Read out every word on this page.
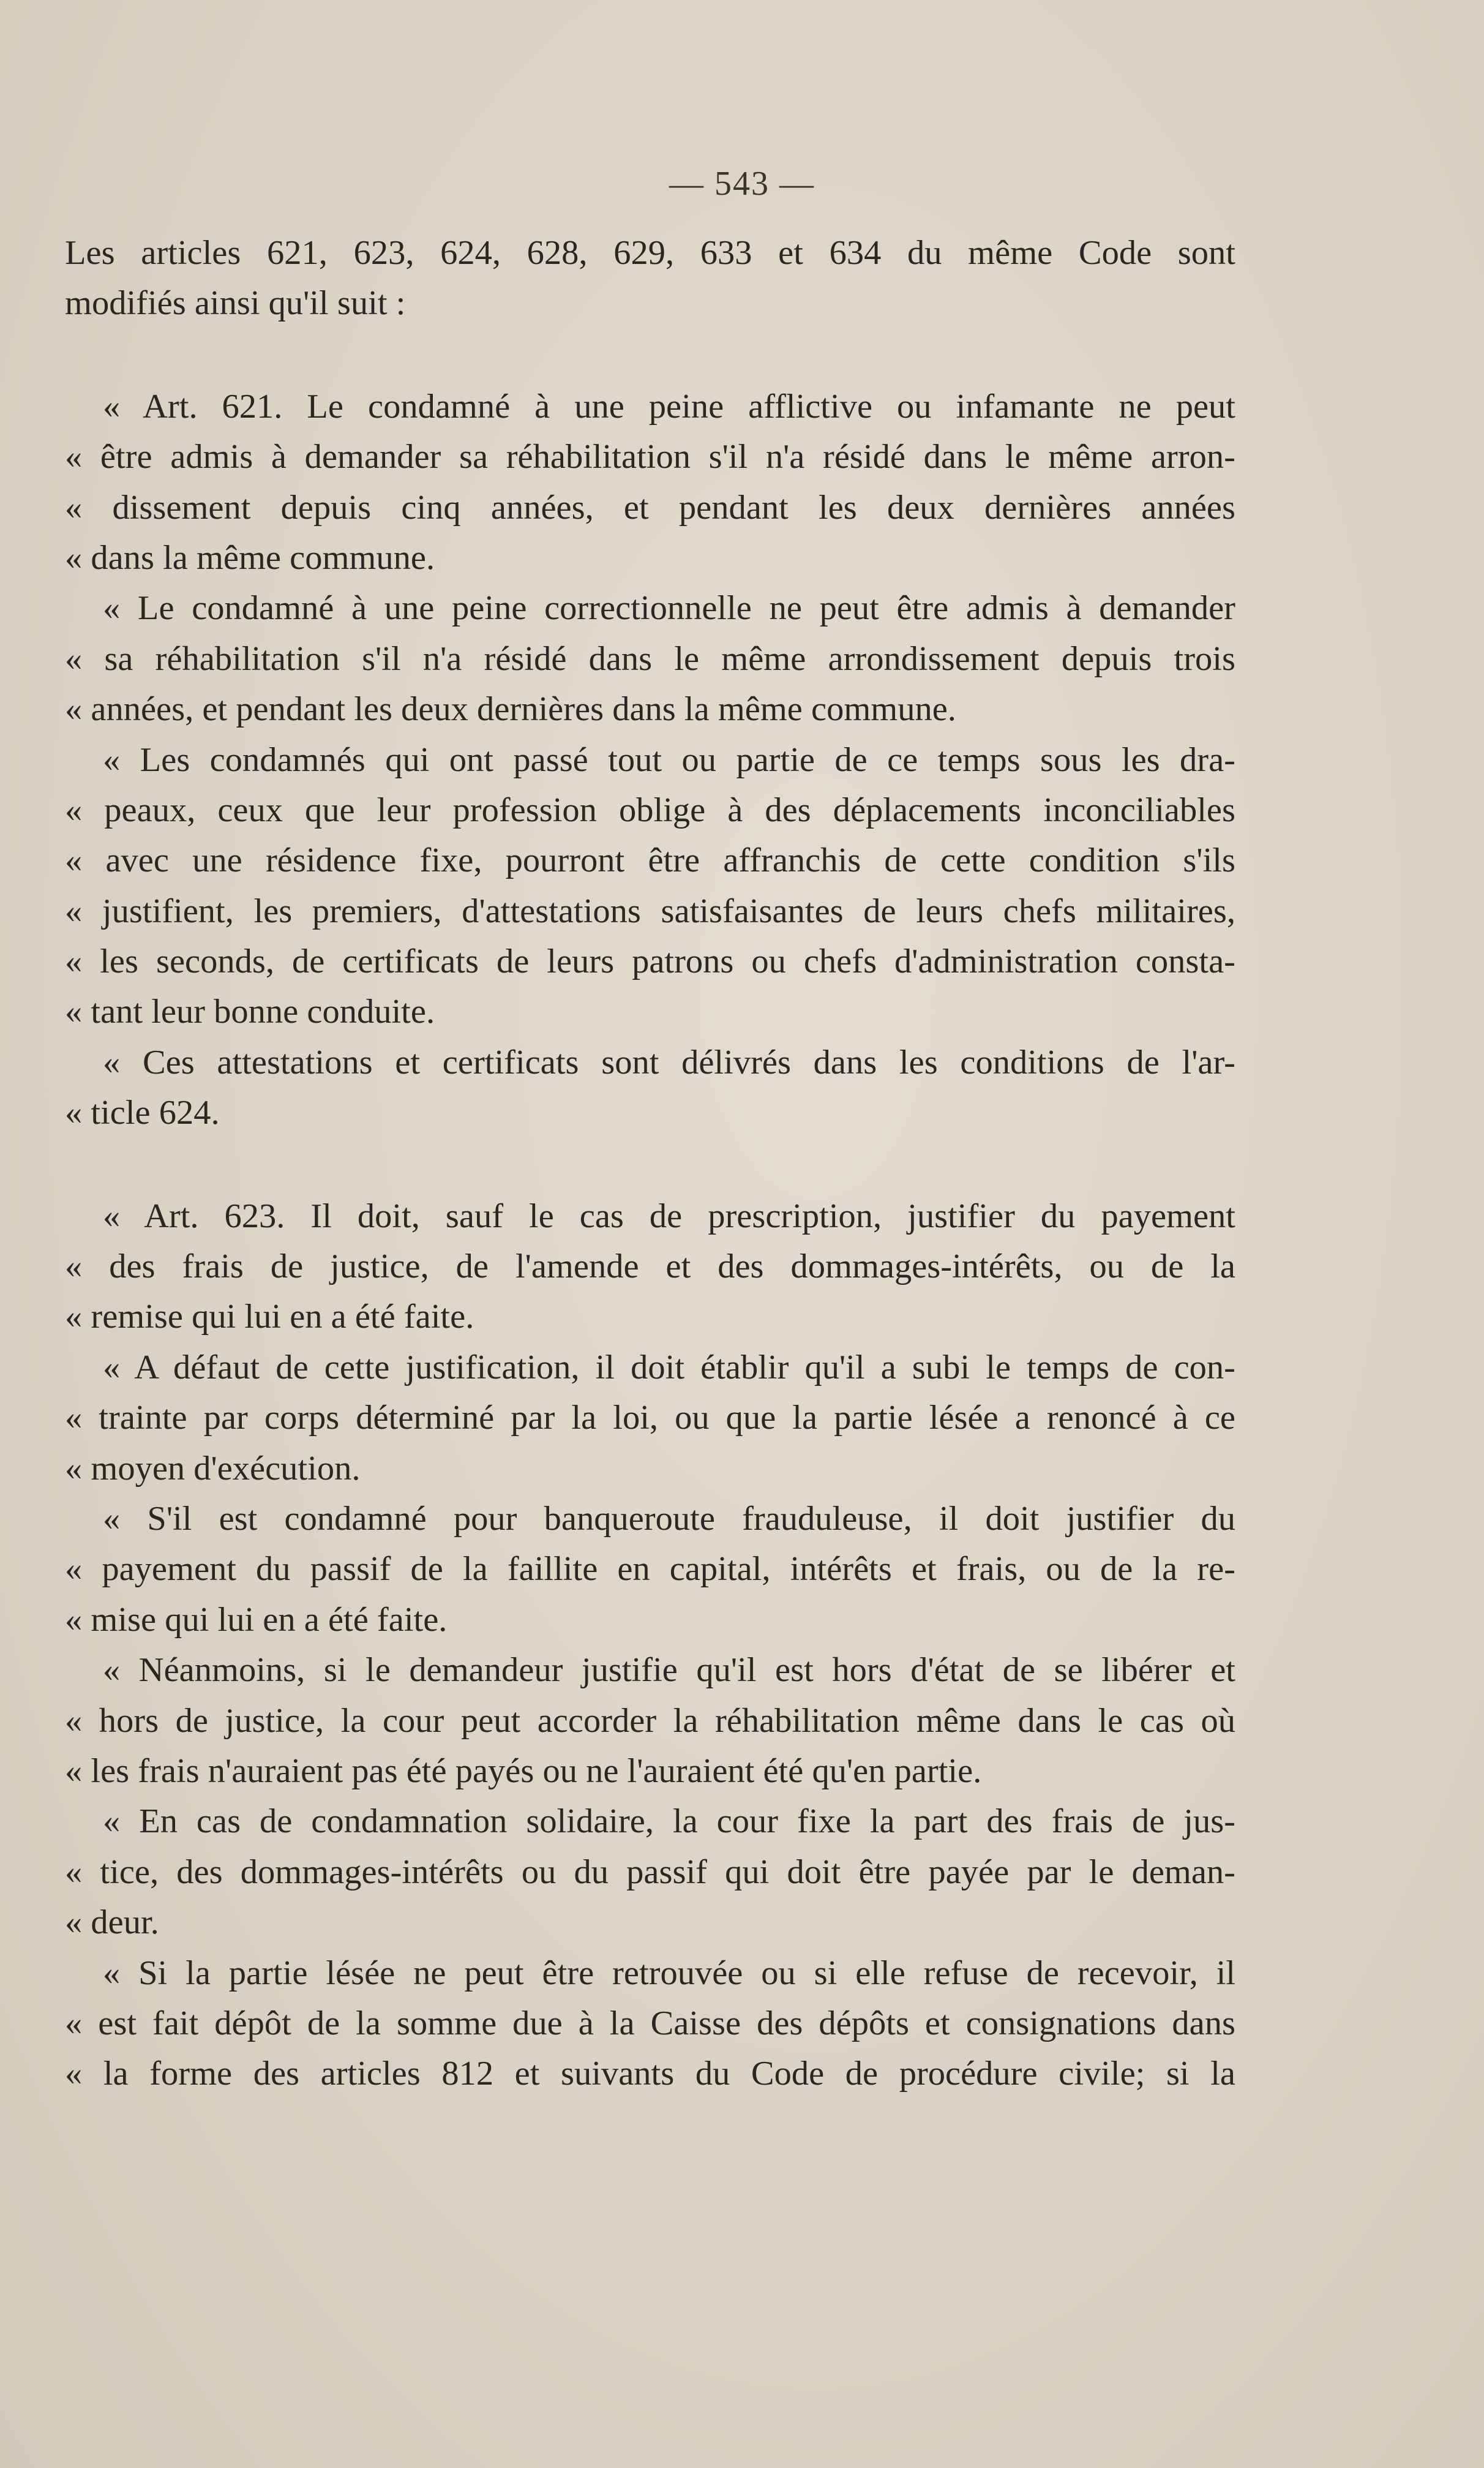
— 543 —
Les articles 621, 623, 624, 628, 629, 633 et 634 du même Code sont
modifiés ainsi qu'il suit :
« Art. 621. Le condamné à une peine afflictive ou infamante ne peut
« être admis à demander sa réhabilitation s'il n'a résidé dans le même arron-
« dissement depuis cinq années, et pendant les deux dernières années
« dans la même commune.
« Le condamné à une peine correctionnelle ne peut être admis à demander
« sa réhabilitation s'il n'a résidé dans le même arrondissement depuis trois
« années, et pendant les deux dernières dans la même commune.
« Les condamnés qui ont passé tout ou partie de ce temps sous les dra-
« peaux, ceux que leur profession oblige à des déplacements inconciliables
« avec une résidence fixe, pourront être affranchis de cette condition s'ils
« justifient, les premiers, d'attestations satisfaisantes de leurs chefs militaires,
« les seconds, de certificats de leurs patrons ou chefs d'administration consta-
« tant leur bonne conduite.
« Ces attestations et certificats sont délivrés dans les conditions de l'ar-
« ticle 624.
« Art. 623. Il doit, sauf le cas de prescription, justifier du payement
« des frais de justice, de l'amende et des dommages-intérêts, ou de la
« remise qui lui en a été faite.
« A défaut de cette justification, il doit établir qu'il a subi le temps de con-
« trainte par corps déterminé par la loi, ou que la partie lésée a renoncé à ce
« moyen d'exécution.
« S'il est condamné pour banqueroute frauduleuse, il doit justifier du
« payement du passif de la faillite en capital, intérêts et frais, ou de la re-
« mise qui lui en a été faite.
« Néanmoins, si le demandeur justifie qu'il est hors d'état de se libérer et
« hors de justice, la cour peut accorder la réhabilitation même dans le cas où
« les frais n'auraient pas été payés ou ne l'auraient été qu'en partie.
« En cas de condamnation solidaire, la cour fixe la part des frais de jus-
« tice, des dommages-intérêts ou du passif qui doit être payée par le deman-
« deur.
« Si la partie lésée ne peut être retrouvée ou si elle refuse de recevoir, il
« est fait dépôt de la somme due à la Caisse des dépôts et consignations dans
« la forme des articles 812 et suivants du Code de procédure civile; si la
